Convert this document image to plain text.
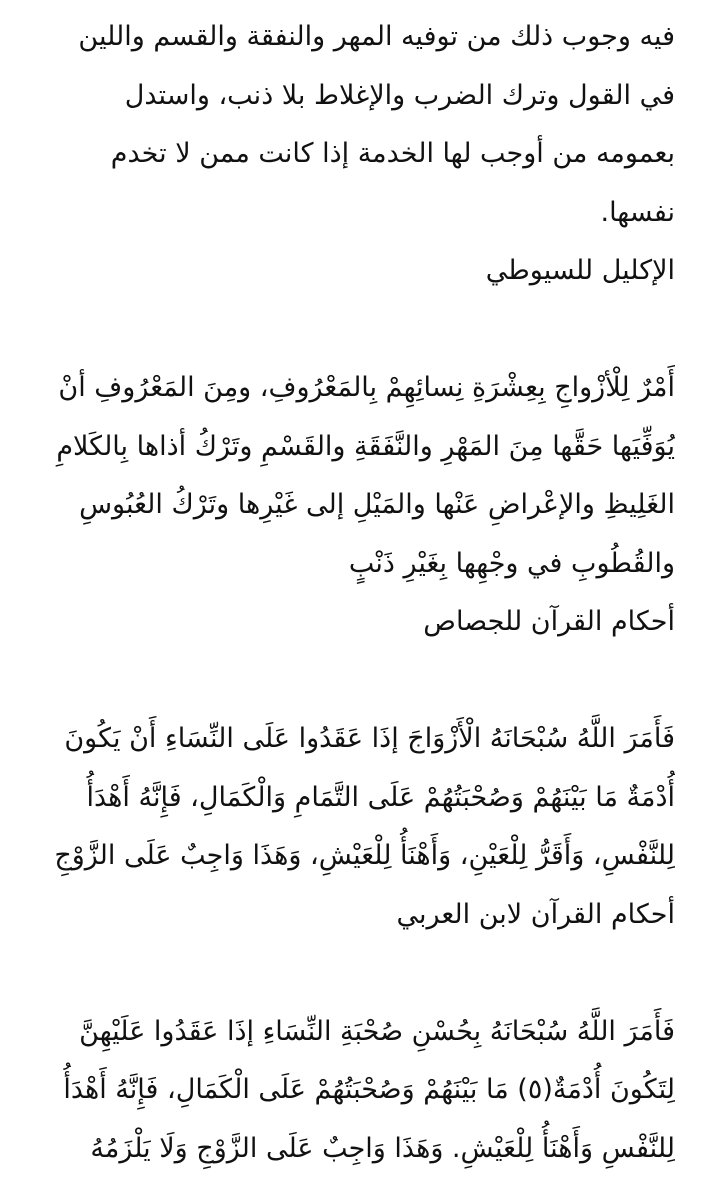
فيه وجوب ذلك من توفيه المهر والنفقة والقسم واللين
في القول وترك الضرب والإغلاط بلا ذنب، واستدل
بعمومه من أوجب لها الخدمة إذا كانت ممن لا تخدم
نفسها.
الإكليل للسيوطي
أَمْرٌ لِلْأزْواجِ بِعِشْرَةِ نِسائِهِمْ بِالمَعْرُوفِ، ومِنَ المَعْرُوفِ أنْ
يُوَفِّيَها حَقَّها مِنَ المَهْرِ والنَّفَقَةِ والقَسْمِ وتَرْكُ أذاها بِالكَلامِ
الغَلِيظِ والإعْراضِ عَنْها والمَيْلِ إلى غَيْرِها وتَرْكُ العُبُوسِ
والقُطُوبِ في وجْهِها بِغَيْرِ ذَنْبٍ
أحكام القرآن للجصاص
فَأَمَرَ اللَّهُ سُبْحَانَهُ الْأَزْوَاجَ إذَا عَقَدُوا عَلَى النِّسَاءِ أَنْ يَكُونَ
أُدْمَةٌ مَا بَيْنَهُمْ وَصُحْبَتُهُمْ عَلَى التَّمَامِ وَالْكَمَالِ، فَإِنَّهُ أَهْدَأُ
لِلنَّفْسِ، وَأَقَرُّ لِلْعَيْنِ، وَأَهْنَأُ لِلْعَيْشِ، وَهَذَا وَاجِبٌ عَلَى الزَّوْجِ
أحكام القرآن لابن العربي
فَأَمَرَ اللَّهُ سُبْحَانَهُ بِحُسْنِ صُحْبَةِ النِّسَاءِ إذَا عَقَدُوا عَلَيْهِنَّ
لِتَكُونَ أُدْمَةٌ(٥) مَا بَيْنَهُمْ وَصُحْبَتُهُمْ عَلَى الْكَمَالِ، فَإِنَّهُ أَهْدَأُ
لِلنَّفْسِ وَأَهْنَأُ لِلْعَيْشِ. وَهَذَا وَاجِبٌ عَلَى الزَّوْجِ وَلَا يَلْزَمُهُ
